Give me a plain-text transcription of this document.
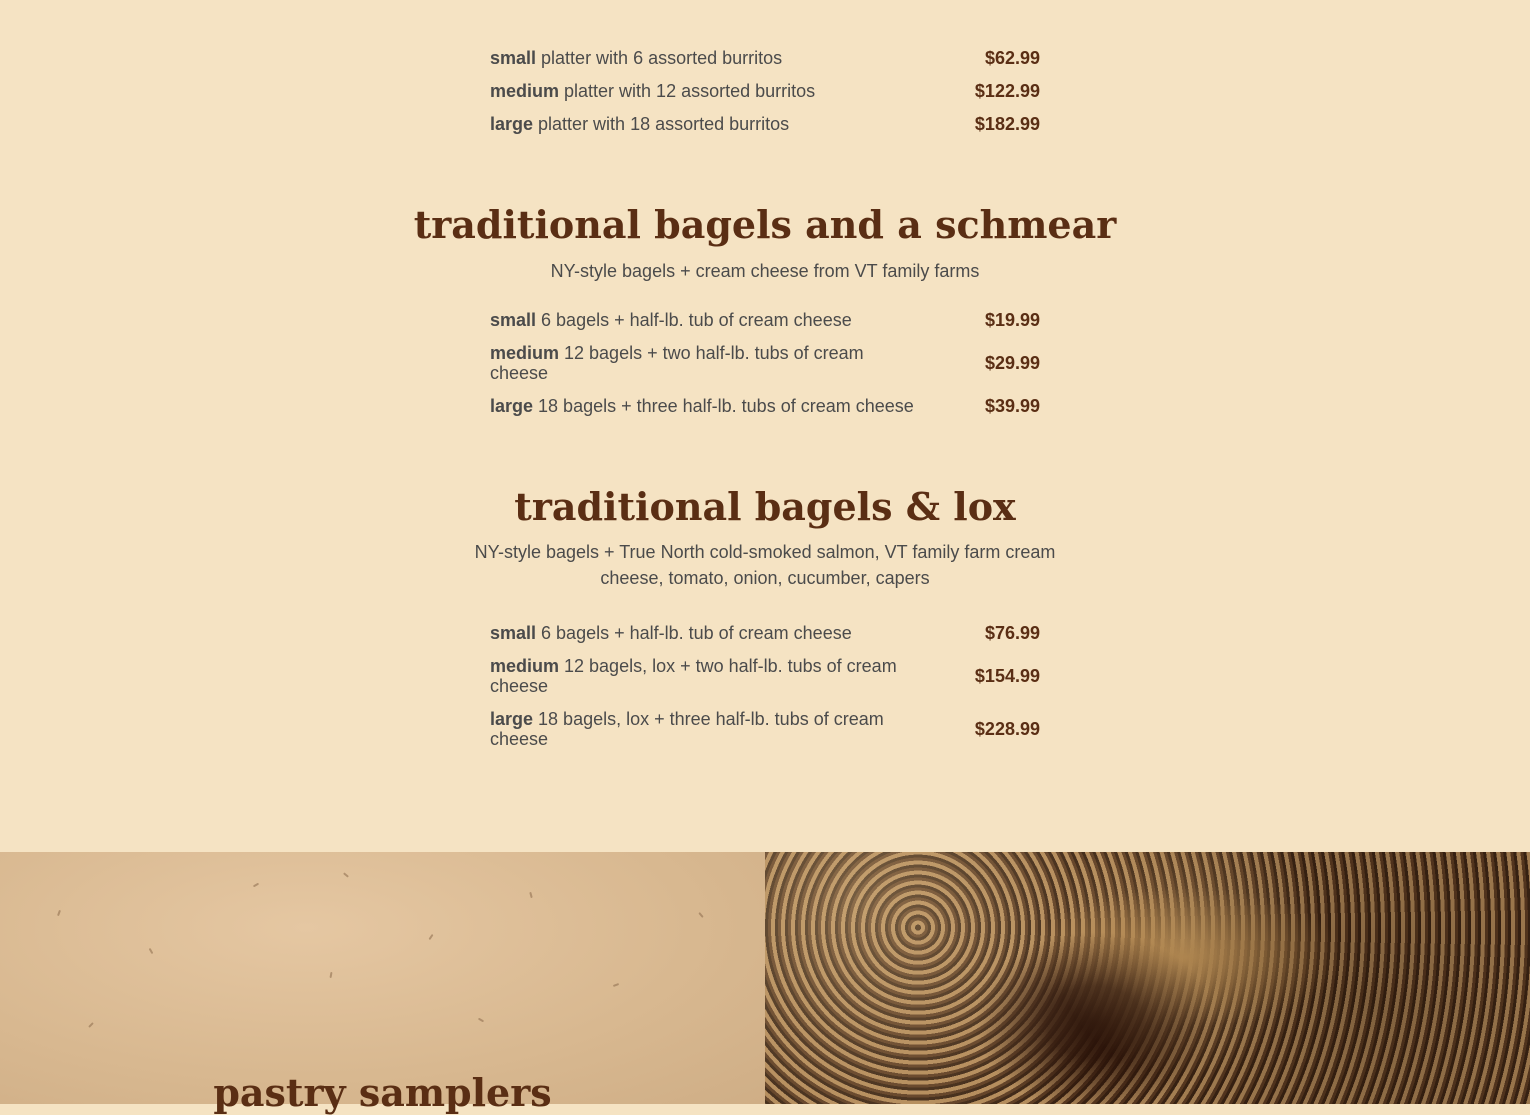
small platter with 6 assorted burritos	$62.99
medium platter with 12 assorted burritos	$122.99
large platter with 18 assorted burritos	$182.99
traditional bagels and a schmear
NY-style bagels + cream cheese from VT family farms
small 6 bagels + half-lb. tub of cream cheese	$19.99
medium 12 bagels + two half-lb. tubs of cream cheese	$29.99
large 18 bagels + three half-lb. tubs of cream cheese	$39.99
traditional bagels & lox
NY-style bagels + True North cold-smoked salmon, VT family farm cream cheese, tomato, onion, cucumber, capers
small 6 bagels + half-lb. tub of cream cheese	$76.99
medium 12 bagels, lox + two half-lb. tubs of cream cheese	$154.99
large 18 bagels, lox + three half-lb. tubs of cream cheese	$228.99
pastry samplers
